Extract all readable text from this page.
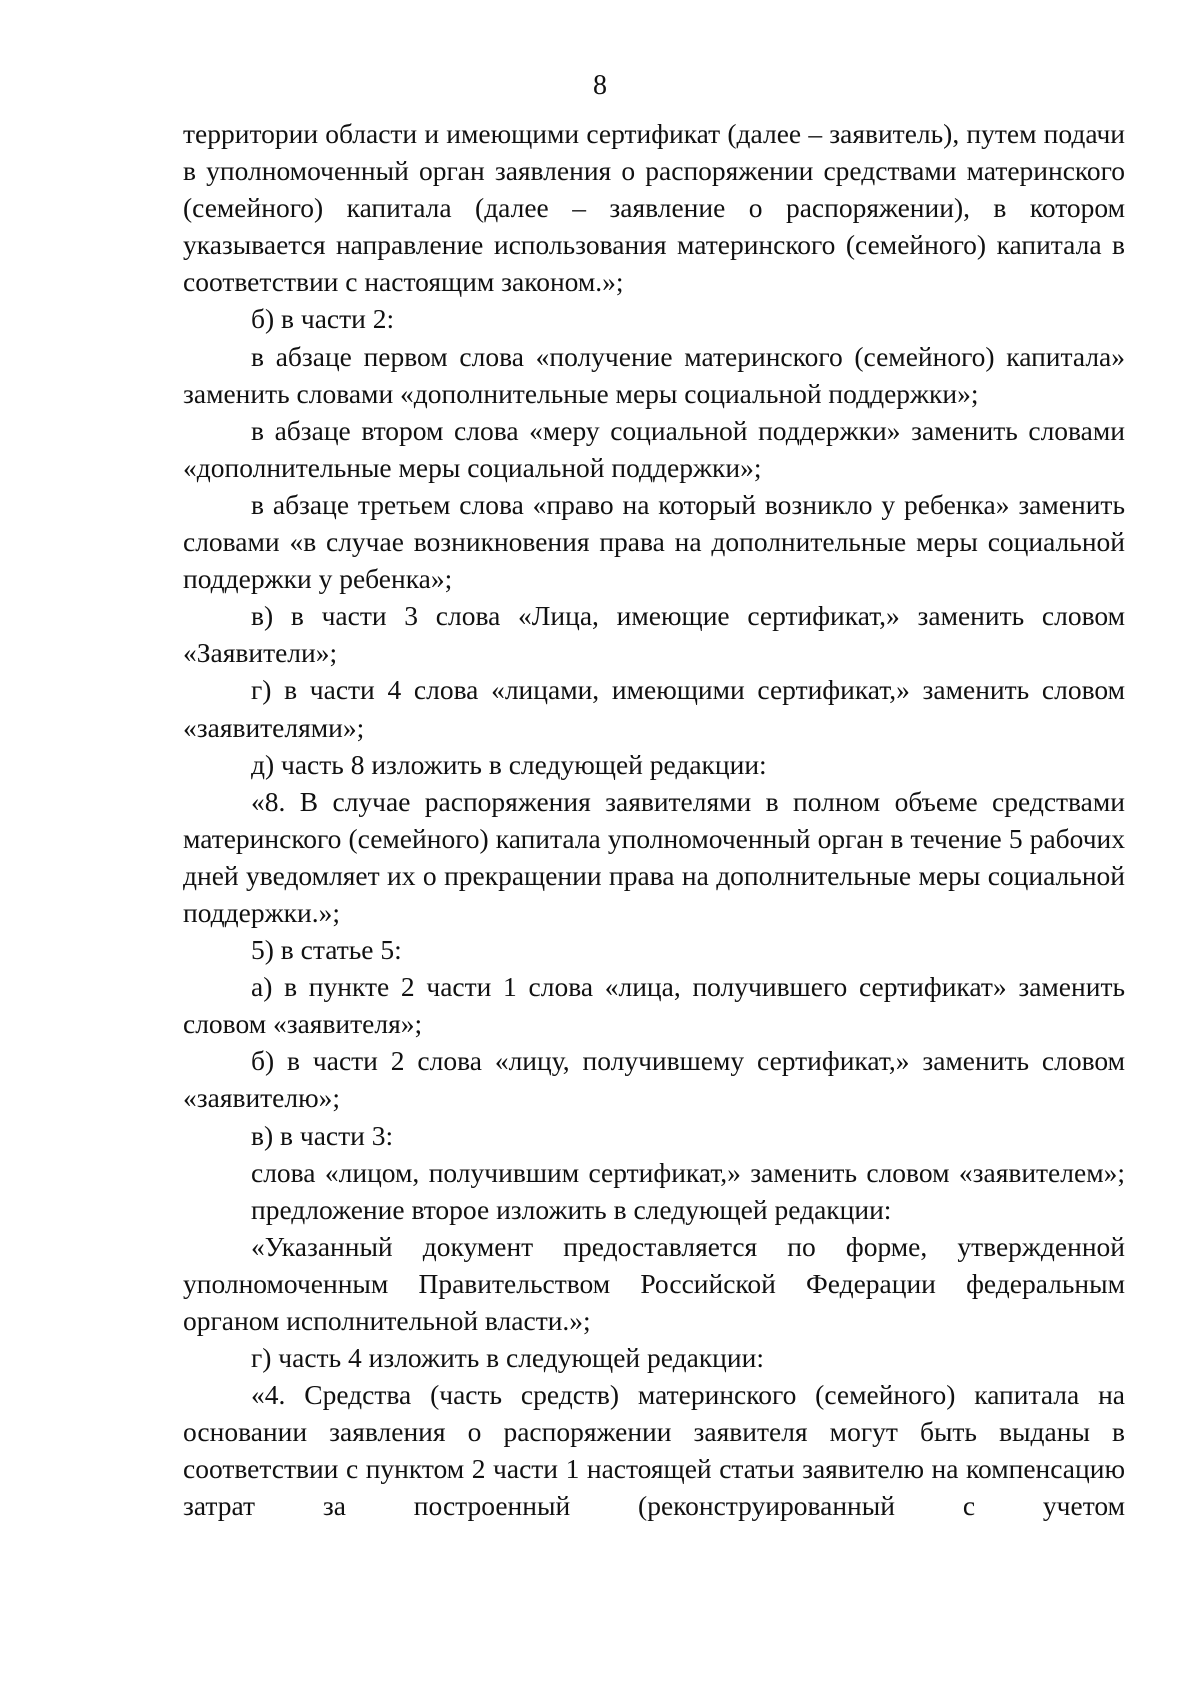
8

территории области и имеющими сертификат (далее – заявитель), путем подачи в уполномоченный орган заявления о распоряжении средствами материнского (семейного) капитала (далее – заявление о распоряжении), в котором указывается направление использования материнского (семейного) капитала в соответствии с настоящим законом.»;

б) в части 2:

в абзаце первом слова «получение материнского (семейного) капитала» заменить словами «дополнительные меры социальной поддержки»;

в абзаце втором слова «меру социальной поддержки» заменить словами «дополнительные меры социальной поддержки»;

в абзаце третьем слова «право на который возникло у ребенка» заменить словами «в случае возникновения права на дополнительные меры социальной поддержки у ребенка»;

в) в части 3 слова «Лица, имеющие сертификат,» заменить словом «Заявители»;

г) в части 4 слова «лицами, имеющими сертификат,» заменить словом «заявителями»;

д) часть 8 изложить в следующей редакции:

«8. В случае распоряжения заявителями в полном объеме средствами материнского (семейного) капитала уполномоченный орган в течение 5 рабочих дней уведомляет их о прекращении права на дополнительные меры социальной поддержки.»;

5) в статье 5:

а) в пункте 2 части 1 слова «лица, получившего сертификат» заменить словом «заявителя»;

б) в части 2 слова «лицу, получившему сертификат,» заменить словом «заявителю»;

в) в части 3:

слова «лицом, получившим сертификат,» заменить словом «заявителем»;

предложение второе изложить в следующей редакции:

«Указанный документ предоставляется по форме, утвержденной уполномоченным Правительством Российской Федерации федеральным органом исполнительной власти.»;

г) часть 4 изложить в следующей редакции:

«4. Средства (часть средств) материнского (семейного) капитала на основании заявления о распоряжении заявителя могут быть выданы в соответствии с пунктом 2 части 1 настоящей статьи заявителю на компенсацию затрат за построенный (реконструированный с учетом
